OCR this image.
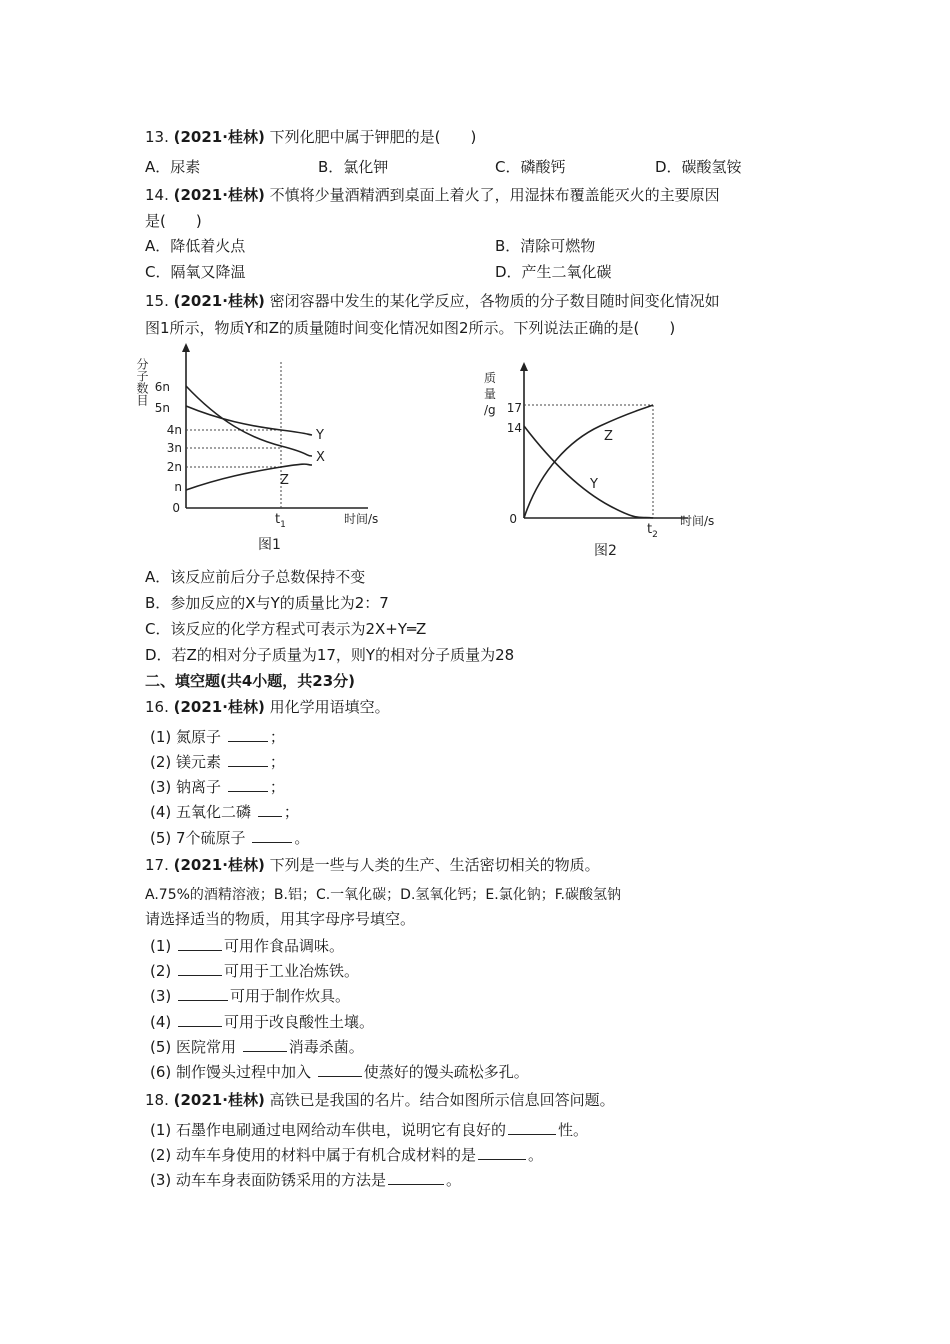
13. (2021·桂林) 下列化肥中属于钾肥的是(　　)
A．尿素	B．氯化钾	C．磷酸钙	D．碳酸氢铵
14. (2021·桂林) 不慎将少量酒精洒到桌面上着火了，用湿抹布覆盖能灭火的主要原因
是(　　)
A．降低着火点	B．清除可燃物
C．隔氧又降温	D．产生二氧化碳
15. (2021·桂林) 密闭容器中发生的某化学反应，各物质的分子数目随时间变化情况如
图1所示，物质Y和Z的质量随时间变化情况如图2所示。下列说法正确的是(　　)
分子数目 6n
5n
4n
3n
2n
n
0
Y
X
Z
$t_1$	时间/s
图1
质
量
/g 17
14
0
Z
Y
$t_2$
时间/s
图2
A．该反应前后分子总数保持不变
B．参加反应的X与Y的质量比为2：7
C．该反应的化学方程式可表示为2X+Y═Z
D．若Z的相对分子质量为17，则Y的相对分子质量为28
二、填空题(共4小题，共23分)
16. (2021·桂林) 用化学用语填空。
(1) 氮原子	；
(2) 镁元素	；
(3) 钠离子	；
(4) 五氧化二磷 ；
(5) 7个硫原子	。
17. (2021·桂林) 下列是一些与人类的生产、生活密切相关的物质。
A.75%的酒精溶液；B.铝；C.一氧化碳；D.氢氧化钙；E.氯化钠；F.碳酸氢钠
请选择适当的物质，用其字母序号填空。
(1)	可用作食品调味。
(2)	可用于工业冶炼铁。
(3)	可用于制作炊具。
(4)	可用于改良酸性土壤。
(5) 医院常用	消毒杀菌。
(6) 制作馒头过程中加入	使蒸好的馒头疏松多孔。
18. (2021·桂林) 高铁已是我国的名片。结合如图所示信息回答问题。
(1) 石墨作电刷通过电网给动车供电，说明它有良好的	性。
(2) 动车车身使用的材料中属于有机合成材料的是	。
(3) 动车车身表面防锈采用的方法是	。
